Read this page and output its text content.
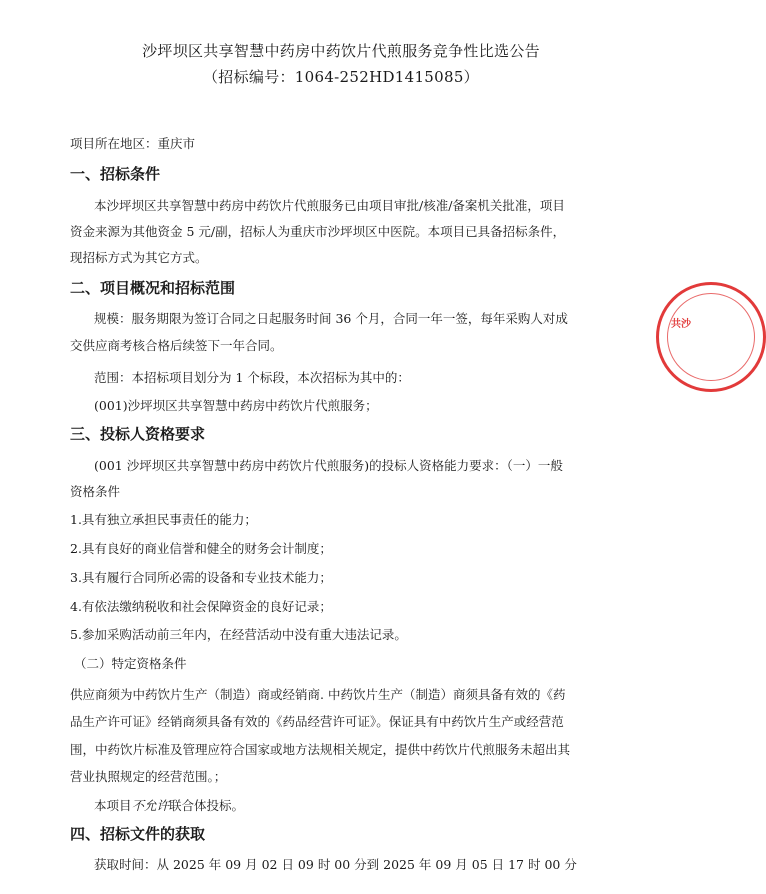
沙坪坝区共享智慧中药房中药饮片代煎服务竞争性比选公告
（招标编号：1064-252HD1415085）
项目所在地区：重庆市
一、招标条件
本沙坪坝区共享智慧中药房中药饮片代煎服务已由项目审批/核准/备案机关批准，项目
资金来源为其他资金 5 元/副，招标人为重庆市沙坪坝区中医院。本项目已具备招标条件，
现招标方式为其它方式。
二、项目概况和招标范围
规模：服务期限为签订合同之日起服务时间 36 个月，合同一年一签，每年采购人对成
交供应商考核合格后续签下一年合同。
范围：本招标项目划分为 1 个标段，本次招标为其中的：
(001)沙坪坝区共享智慧中药房中药饮片代煎服务；
三、投标人资格要求
(001 沙坪坝区共享智慧中药房中药饮片代煎服务)的投标人资格能力要求：（一）一般
资格条件
1.具有独立承担民事责任的能力；
2.具有良好的商业信誉和健全的财务会计制度；
3.具有履行合同所必需的设备和专业技术能力；
4.有依法缴纳税收和社会保障资金的良好记录；
5.参加采购活动前三年内，在经营活动中没有重大违法记录。
（二）特定资格条件
供应商须为中药饮片生产（制造）商或经销商. 中药饮片生产（制造）商须具备有效的《药
品生产许可证》经销商须具备有效的《药品经营许可证》。保证具有中药饮片生产或经营范
围，中药饮片标准及管理应符合国家或地方法规相关规定，提供中药饮片代煎服务未超出其
营业执照规定的经营范围。；
本项目不允许联合体投标。
四、招标文件的获取
获取时间：从 2025 年 09 月 02 日 09 时 00 分到 2025 年 09 月 05 日 17 时 00 分
共沙
